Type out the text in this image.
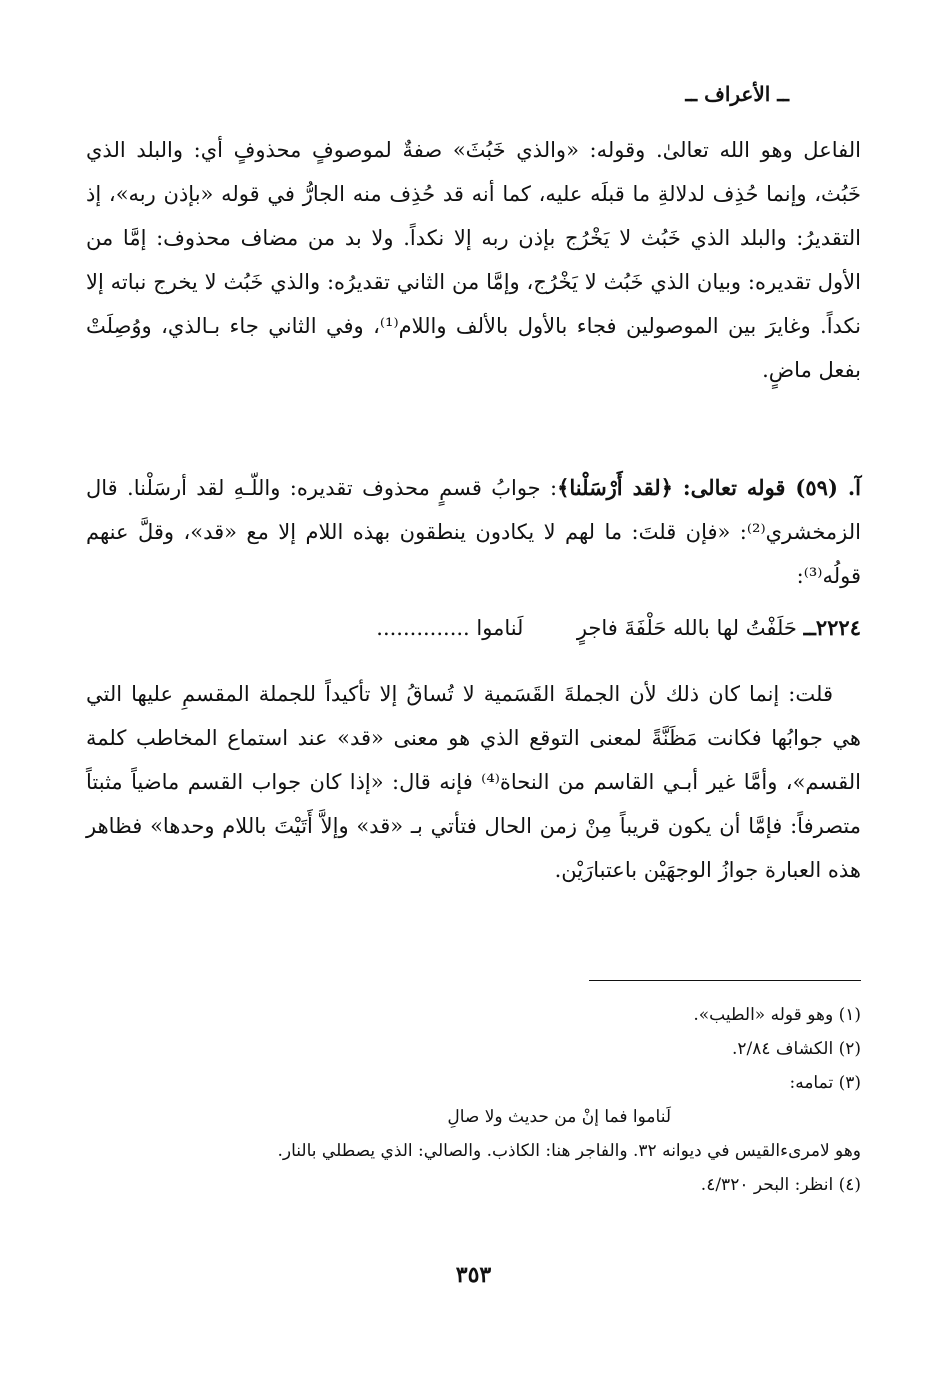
ــ الأعراف ــ

الفاعل وهو الله تعالىٰ. وقوله: «والذي خَبُثَ» صفةٌ لموصوفٍ محذوفٍ أي: والبلد الذي خَبُث، وإنما حُذِف لدلالةِ ما قبلَه عليه، كما أنه قد حُذِف منه الجارُّ في قوله «بإذن ربه»، إذ التقديرُ: والبلد الذي خَبُث لا يَخْرُج بإذن ربه إلا نكداً. ولا بد من مضاف محذوف: إمَّا من الأول تقديره: وبيان الذي خَبُث لا يَخْرُج، وإمَّا من الثاني تقديرُه: والذي خَبُث لا يخرج نباته إلا نكداً. وغايرَ بين الموصولين فجاء بالأول بالألف واللام⁽¹⁾، وفي الثاني جاء بـالذي، ووُصِلَتْ بفعل ماضٍ.

آ. (٥٩) قوله تعالى: ﴿لقد أَرْسَلْنا﴾: جوابُ قسمٍ محذوف تقديره: واللّـهِ لقد أرسَلْنا. قال الزمخشري⁽²⁾: «فإن قلتَ: ما لهم لا يكادون ينطقون بهذه اللام إلا مع «قد»، وقلَّ عنهم قولُه⁽³⁾:

٢٢٢٤ــ حَلَفْتُ لها بالله حَلْفَةَ فاجرٍ  لَناموا ..............

قلت: إنما كان ذلك لأن الجملةَ القَسَمية لا تُساقُ إلا تأكيداً للجملة المقسمِ عليها التي هي جوابُها فكانت مَظَنَّةً لمعنى التوقع الذي هو معنى «قد» عند استماع المخاطب كلمة القسم»، وأمَّا غير أبـي القاسم من النحاة⁽⁴⁾ فإنه قال: «إذا كان جواب القسم ماضياً مثبتاً متصرفاً: فإمَّا أن يكون قريباً مِنْ زمن الحال فتأتي بـ «قد» وإلاَّ أَتَيْتَ باللام وحدها» فظاهر هذه العبارة جوازُ الوجهَيْن باعتبارَيْن.

(١) وهو قوله «الطيب».

(٢) الكشاف ٢/٨٤.

(٣) تمامه:

لَناموا فما إنْ من حديث ولا صالِ

وهو لامرىءالقيس في ديوانه ٣٢. والفاجر هنا: الكاذب. والصالي: الذي يصطلي بالنار.

(٤) انظر: البحر ٤/٣٢٠.

٣٥٣
